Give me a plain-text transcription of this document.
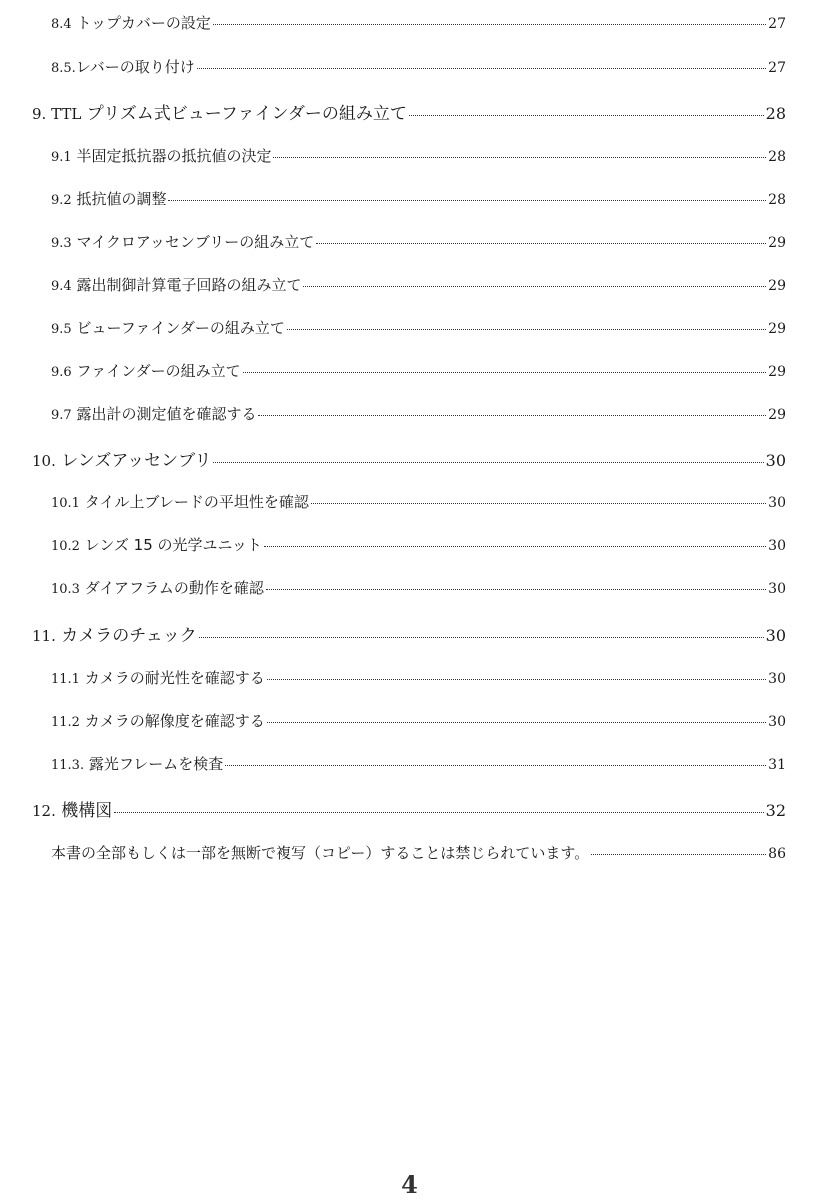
8.4 トップカバーの設定	27
8.5.レバーの取り付け	27
9. TTL プリズム式ビューファインダーの組み立て	28
9.1 半固定抵抗器の抵抗値の決定	28
9.2 抵抗値の調整	28
9.3 マイクロアッセンブリーの組み立て	29
9.4 露出制御計算電子回路の組み立て	29
9.5 ビューファインダーの組み立て	29
9.6 ファインダーの組み立て	29
9.7 露出計の測定値を確認する	29
10. レンズアッセンブリ	30
10.1 タイル上ブレードの平坦性を確認	30
10.2 レンズ 15 の光学ユニット	30
10.3 ダイアフラムの動作を確認	30
11. カメラのチェック	30
11.1 カメラの耐光性を確認する	30
11.2 カメラの解像度を確認する	30
11.3. 露光フレームを検査	31
12. 機構図	32
本書の全部もしくは一部を無断で複写（コピー）することは禁じられています。	86
4
